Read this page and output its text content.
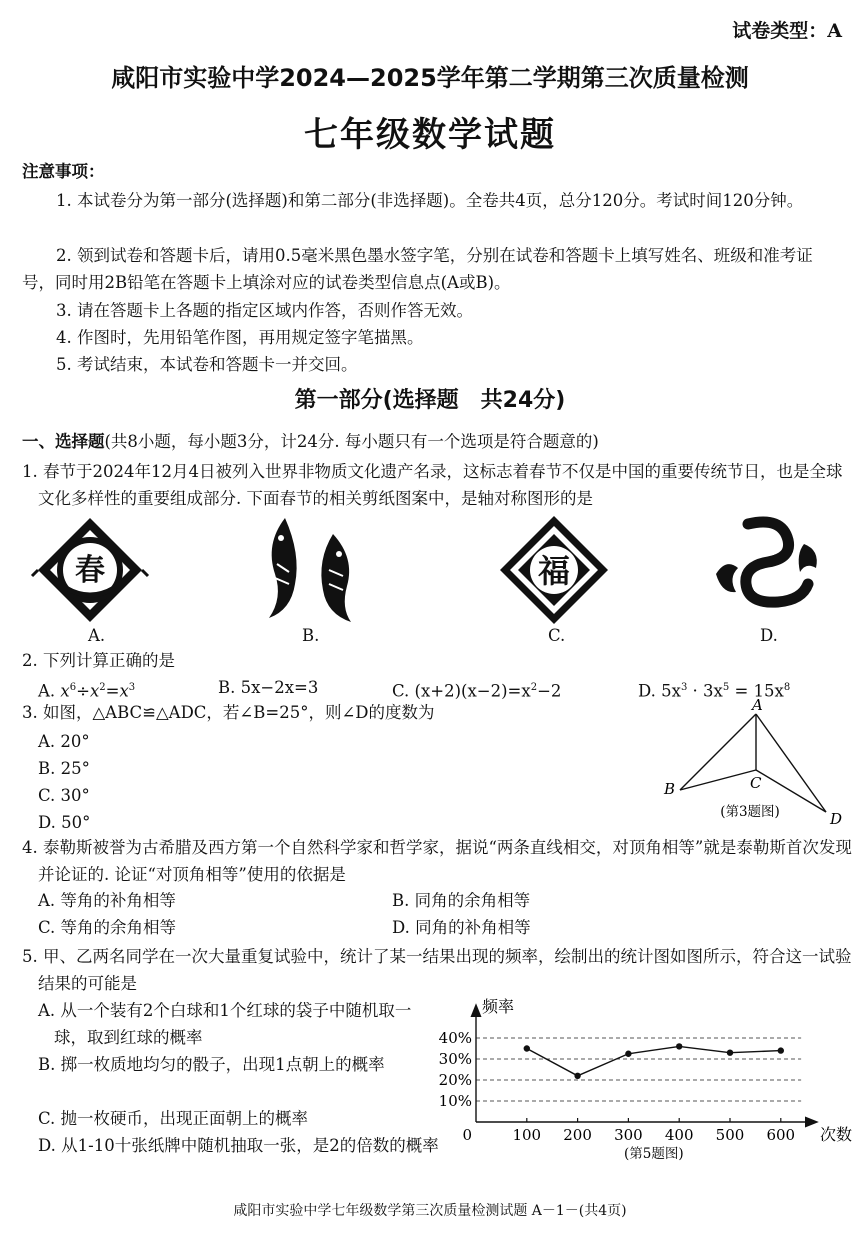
试卷类型：A
咸阳市实验中学2024—2025学年第二学期第三次质量检测
七年级数学试题
注意事项：
1. 本试卷分为第一部分(选择题)和第二部分(非选择题)。全卷共4页，总分120分。考试时间120分钟。
2. 领到试卷和答题卡后，请用0.5毫米黑色墨水签字笔，分别在试卷和答题卡上填写姓名、班级和准考证号，同时用2B铅笔在答题卡上填涂对应的试卷类型信息点(A或B)。
3. 请在答题卡上各题的指定区域内作答，否则作答无效。
4. 作图时，先用铅笔作图，再用规定签字笔描黑。
5. 考试结束，本试卷和答题卡一并交回。
第一部分(选择题　共24分)
一、选择题(共8小题，每小题3分，计24分. 每小题只有一个选项是符合题意的)
1. 春节于2024年12月4日被列入世界非物质文化遗产名录，这标志着春节不仅是中国的重要传统节日，也是全球文化多样性的重要组成部分. 下面春节的相关剪纸图案中，是轴对称图形的是
春	福
A.	B.	C.	D.
2. 下列计算正确的是
A. $x^6\div x^2=x^3$	B. 5x−2x=3	C. $(x+2)(x-2)=x^2-2$	D. $5x^3 \cdot 3x^5 = 15x^8$
3. 如图，△ABC≌△ADC，若∠B=25°，则∠D的度数为
A. 20°
B. 25°
C. 30°
D. 50°
A
B	C
D
(第3题图)
4. 泰勒斯被誉为古希腊及西方第一个自然科学家和哲学家，据说“两条直线相交，对顶角相等”就是泰勒斯首次发现并论证的. 论证“对顶角相等”使用的依据是
A. 等角的补角相等	B. 同角的余角相等
C. 等角的余角相等	D. 同角的补角相等
5. 甲、乙两名同学在一次大量重复试验中，统计了某一结果出现的频率，绘制出的统计图如图所示，符合这一试验结果的可能是
A. 从一个装有2个白球和1个红球的袋子中随机取一球，取到红球的概率
B. 掷一枚质地均匀的骰子，出现1点朝上的概率
C. 抛一枚硬币，出现正面朝上的概率
D. 从1-10十张纸牌中随机抽取一张，是2的倍数的概率
10%
20%
30%
40%
100 200 300 400 500 600
频率
次数
0
(第5题图)
咸阳市实验中学七年级数学第三次质量检测试题 A－1－(共4页)
